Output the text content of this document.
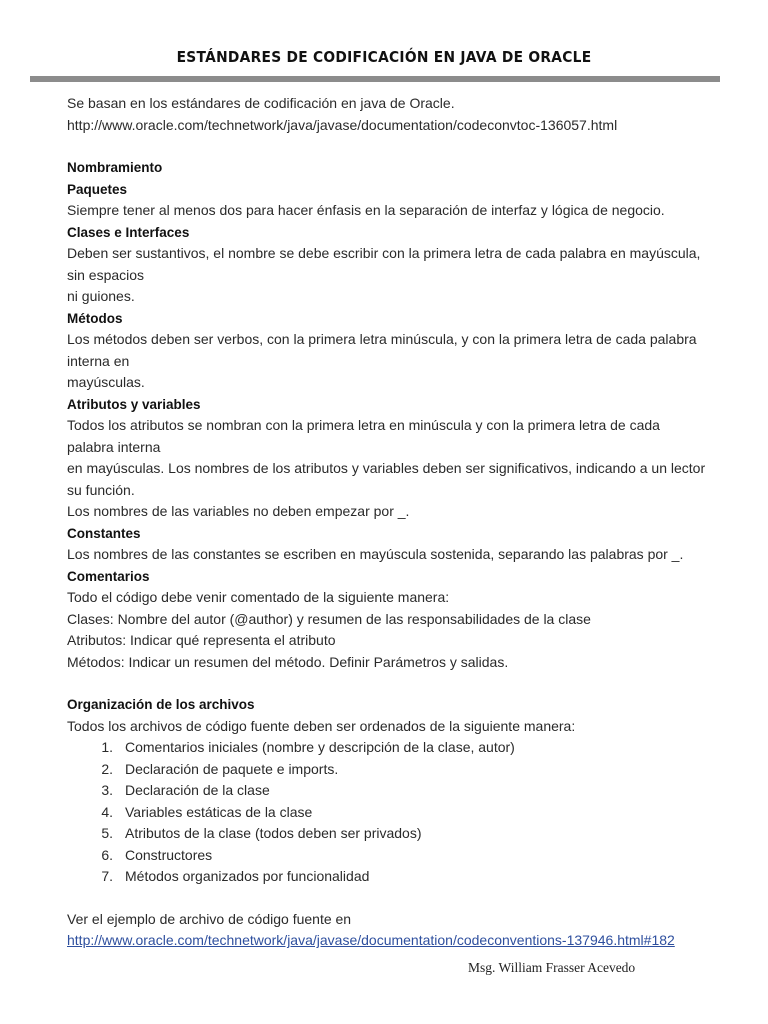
ESTÁNDARES DE CODIFICACIÓN EN JAVA DE ORACLE

Se basan en los estándares de codificación en java de Oracle.

http://www.oracle.com/technetwork/java/javase/documentation/codeconvtoc-136057.html

Nombramiento

Paquetes

Siempre tener al menos dos para hacer énfasis en la separación de interfaz y lógica de negocio.

Clases e Interfaces

Deben ser sustantivos, el nombre se debe escribir con la primera letra de cada palabra en mayúscula, sin espacios

ni guiones.

Métodos

Los métodos deben ser verbos, con la primera letra minúscula, y con la primera letra de cada palabra interna en

mayúsculas.

Atributos y variables

Todos los atributos se nombran con la primera letra en minúscula y con la primera letra de cada palabra interna

en mayúsculas. Los nombres de los atributos y variables deben ser significativos, indicando a un lector su función.

Los nombres de las variables no deben empezar por _.

Constantes

Los nombres de las constantes se escriben en mayúscula sostenida, separando las palabras por _.

Comentarios

Todo el código debe venir comentado de la siguiente manera:

Clases: Nombre del autor (@author) y resumen de las responsabilidades de la clase

Atributos: Indicar qué representa el atributo

Métodos: Indicar un resumen del método. Definir Parámetros y salidas.

Organización de los archivos

Todos los archivos de código fuente deben ser ordenados de la siguiente manera:

1. Comentarios iniciales (nombre y descripción de la clase, autor)
2. Declaración de paquete e imports.
3. Declaración de la clase
4. Variables estáticas de la clase
5. Atributos de la clase (todos deben ser privados)
6. Constructores
7. Métodos organizados por funcionalidad

Ver el ejemplo de archivo de código fuente en

http://www.oracle.com/technetwork/java/javase/documentation/codeconventions-137946.html#182

Msg. William Frasser Acevedo
